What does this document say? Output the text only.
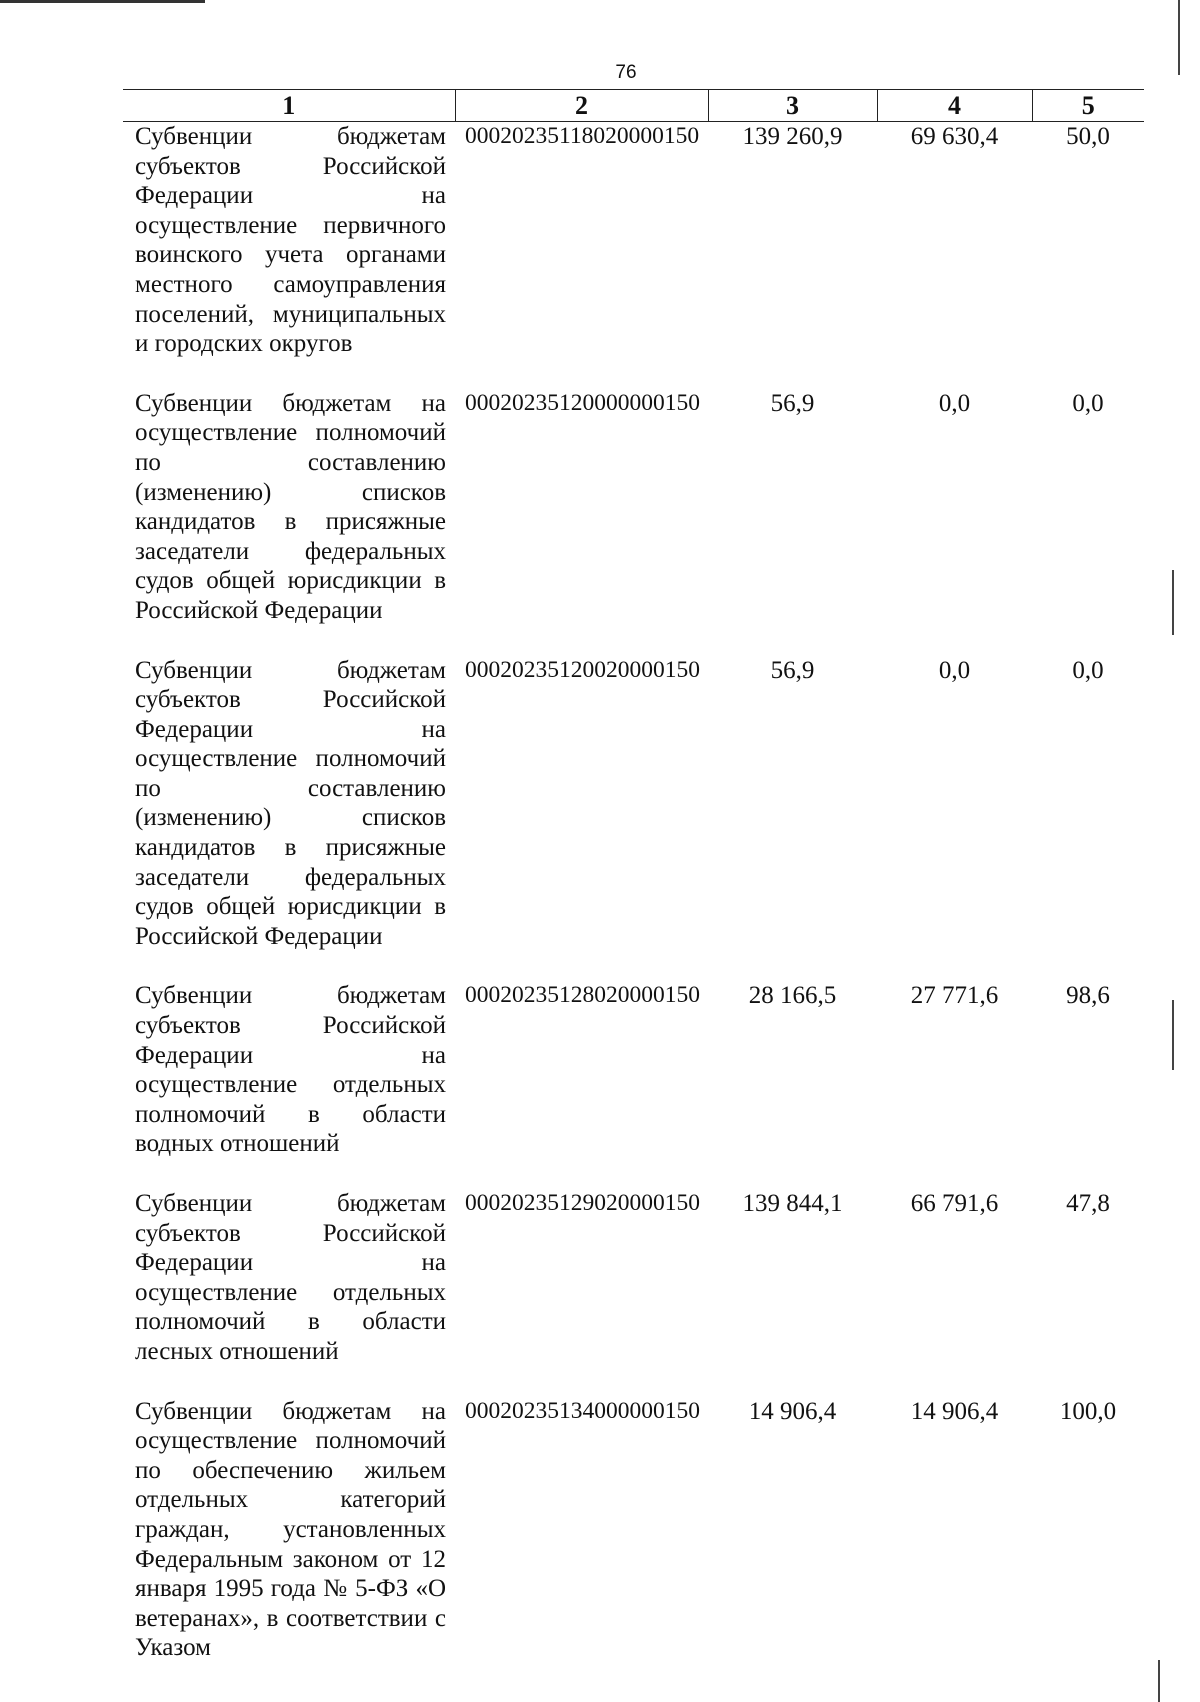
76
1	2	3	4	5
Субвенции бюджетам субъектов Российской Федерации на осуществление первичного воинского учета органами местного самоуправления поселений, муниципальных и городских округов	00020235118020000150	139 260,9	69 630,4	50,0
Субвенции бюджетам на осуществление полномочий по составлению (изменению) списков кандидатов в присяжные заседатели федеральных судов общей юрисдикции в Российской Федерации	00020235120000000150	56,9	0,0	0,0
Субвенции бюджетам субъектов Российской Федерации на осуществление полномочий по составлению (изменению) списков кандидатов в присяжные заседатели федеральных судов общей юрисдикции в Российской Федерации	00020235120020000150	56,9	0,0	0,0
Субвенции бюджетам субъектов Российской Федерации на осуществление отдельных полномочий в области водных отношений	00020235128020000150	28 166,5	27 771,6	98,6
Субвенции бюджетам субъектов Российской Федерации на осуществление отдельных полномочий в области лесных отношений	00020235129020000150	139 844,1	66 791,6	47,8
Субвенции бюджетам на осуществление полномочий по обеспечению жильем отдельных категорий граждан, установленных Федеральным законом от 12 января 1995 года № 5-ФЗ «О ветеранах», в соответствии с Указом	00020235134000000150	14 906,4	14 906,4	100,0
